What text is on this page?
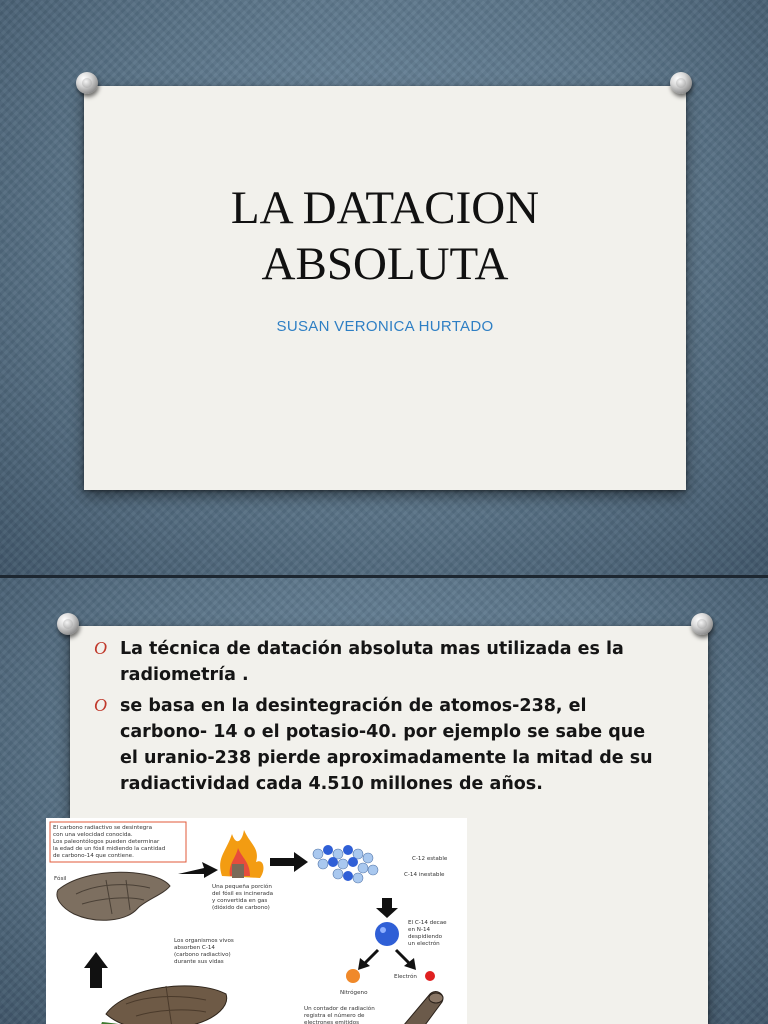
LA DATACION
ABSOLUTA
SUSAN VERONICA HURTADO
O La técnica de datación absoluta mas utilizada es la radiometría .
O se basa en la desintegración de atomos-238, el carbono- 14 o el potasio-40. por ejemplo se sabe que el uranio-238 pierde aproximadamente la mitad de su radiactividad cada 4.510 millones de años.
El carbono radiactivo se desintegra
con una velocidad conocida.
Los paleontólogos pueden determinar
la edad de un fósil midiendo la cantidad
de carbono-14 que contiene.
Fósil
Una pequeña porción
del fósil es incinerada
y convertida en gas
(dióxido de carbono)
C-12 estable
C-14 inestable
El C-14 decae
en N-14
despidiendo
un electrón
Nitrógeno
Electrón
Los organismos vivos
absorben C-14
(carbono radiactivo)
durante sus vidas
Un contador de radiación
registra el número de
electrones emitidos
